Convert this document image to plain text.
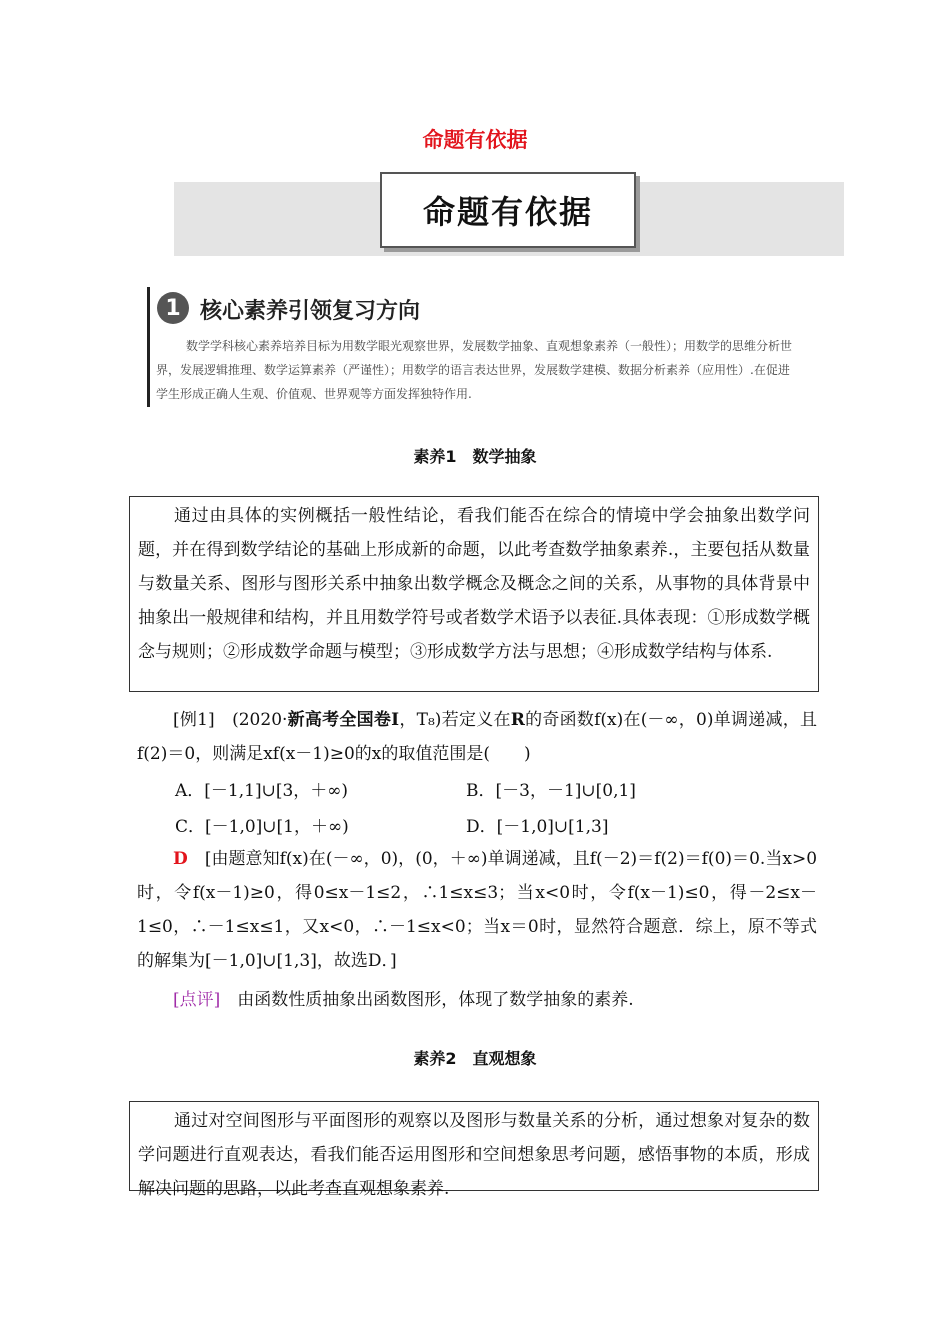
命题有依据
命题有依据
1 核心素养引领复习方向
数学学科核心素养培养目标为用数学眼光观察世界，发展数学抽象、直观想象素养（一般性）；用数学的思维分析世界，发展逻辑推理、数学运算素养（严谨性）；用数学的语言表达世界，发展数学建模、数据分析素养（应用性）.在促进学生形成正确人生观、价值观、世界观等方面发挥独特作用.
素养1　数学抽象
通过由具体的实例概括一般性结论，看我们能否在综合的情境中学会抽象出数学问题，并在得到数学结论的基础上形成新的命题，以此考查数学抽象素养.，主要包括从数量与数量关系、图形与图形关系中抽象出数学概念及概念之间的关系，从事物的具体背景中抽象出一般规律和结构，并且用数学符号或者数学术语予以表征.具体表现：①形成数学概念与规则；②形成数学命题与模型；③形成数学方法与思想；④形成数学结构与体系.
[例1]　 (2020·新高考全国卷Ⅰ，T₈)若定义在R的奇函数f(x)在(－∞，0)单调递减，且f(2)＝0，则满足xf(x－1)≥0的x的取值范围是(　　)
A．[－1,1]∪[3，＋∞)	B．[－3，－1]∪[0,1]
C．[－1,0]∪[1，＋∞)	D．[－1,0]∪[1,3]
D　 [由题意知f(x)在(－∞，0)，(0，＋∞)单调递减，且f(－2)＝f(2)＝f(0)＝0.当x>0时，令f(x－1)≥0，得0≤x－1≤2，∴1≤x≤3；当x<0时，令f(x－1)≤0，得－2≤x－1≤0，∴－1≤x≤1，又x<0，∴－1≤x<0；当x＝0时，显然符合题意．综上，原不等式的解集为[－1,0]∪[1,3]，故选D．]
[点评]　 由函数性质抽象出函数图形，体现了数学抽象的素养.
素养2　直观想象
通过对空间图形与平面图形的观察以及图形与数量关系的分析，通过想象对复杂的数学问题进行直观表达，看我们能否运用图形和空间想象思考问题，感悟事物的本质，形成解决问题的思路，以此考查直观想象素养.
